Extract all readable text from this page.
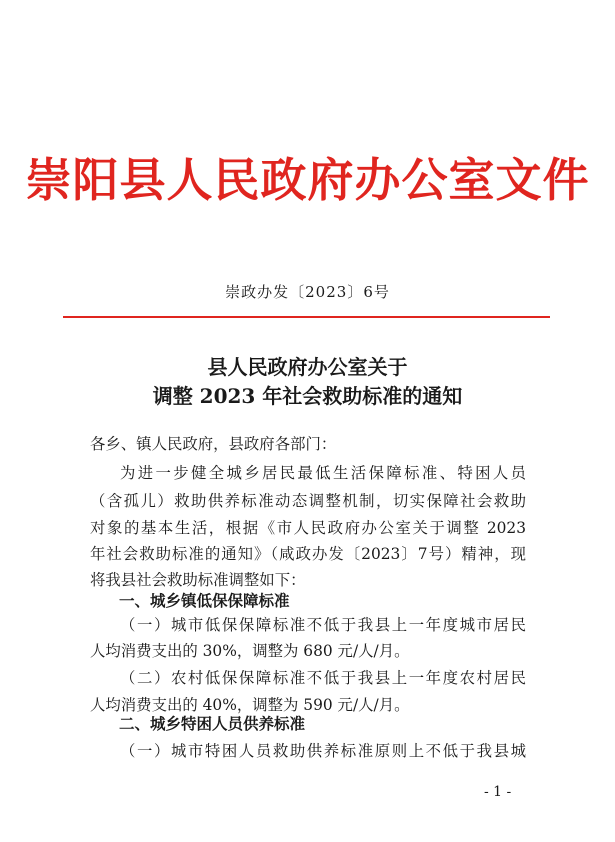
崇阳县人民政府办公室文件
崇政办发〔2023〕6号
县人民政府办公室关于
调整 2023 年社会救助标准的通知
各乡、镇人民政府，县政府各部门：
为进一步健全城乡居民最低生活保障标准、特困人员
（含孤儿）救助供养标准动态调整机制，切实保障社会救助
对象的基本生活，根据《市人民政府办公室关于调整 2023
年社会救助标准的通知》（咸政办发〔2023〕7号）精神，现
将我县社会救助标准调整如下：
一、城乡镇低保保障标准
（一）城市低保保障标准不低于我县上一年度城市居民
人均消费支出的 30%，调整为 680 元/人/月。
（二）农村低保保障标准不低于我县上一年度农村居民
人均消费支出的 40%，调整为 590 元/人/月。
二、城乡特困人员供养标准
（一）城市特困人员救助供养标准原则上不低于我县城
- 1 -
